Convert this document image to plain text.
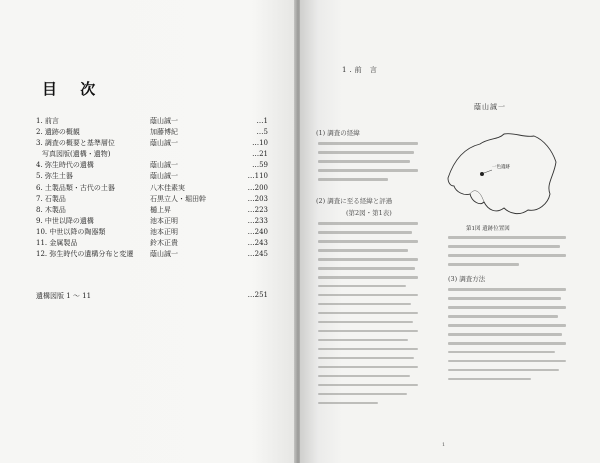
目 次
1. 前言	蔭山誠一	…1
2. 遺跡の概観	加藤博紀	…5
3. 調査の概要と基準層位	蔭山誠一	…10
写真図版(遺構・遺物)	…21
4. 弥生時代の遺構	蔭山誠一	…59
5. 弥生土器	蔭山誠一	…110
6. 土製品類・古代の土器	八木佳素実	…200
7. 石製品	石黒立人・堀田幹	…203
8. 木製品	樋上昇	…223
9. 中世以降の遺構	池本正明	…233
10. 中世以降の陶器類	池本正明	…240
11. 金属製品	鈴木正貴	…243
12. 弥生時代の遺構分布と変遷	蔭山誠一	…245
遺構図版 1 ～ 11	…251
1.前 言
蔭山誠一
(1) 調査の経緯
(2) 調査に至る経緯と評過
(第2図・第1表)
一色遺跡
第1図 遺跡位置図
(3) 調査方法
1
